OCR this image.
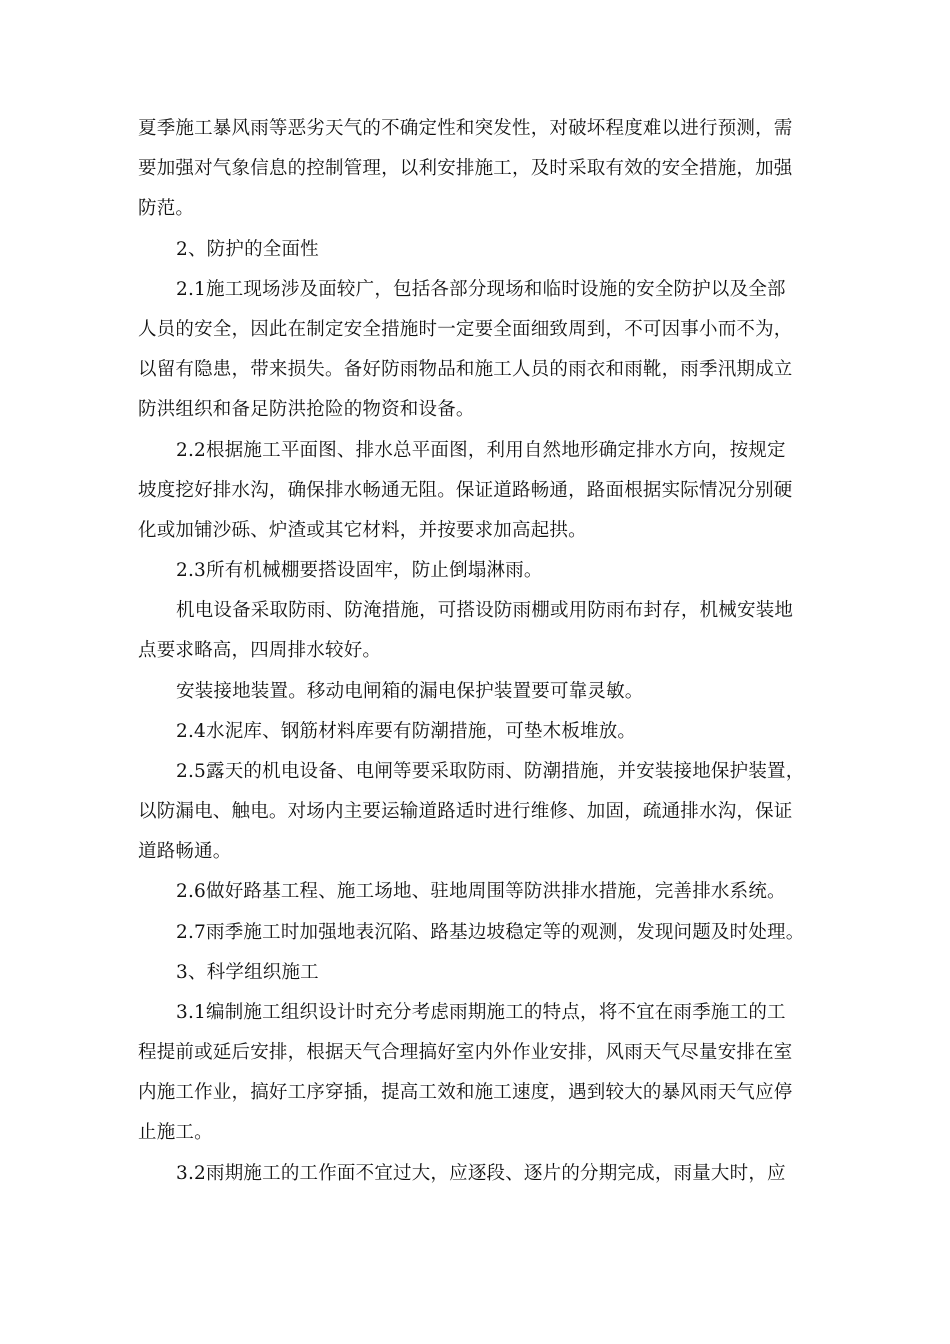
夏季施工暴风雨等恶劣天气的不确定性和突发性，对破坏程度难以进行预测，需
要加强对气象信息的控制管理，以利安排施工，及时采取有效的安全措施，加强
防范。
2、防护的全面性
2.1施工现场涉及面较广，包括各部分现场和临时设施的安全防护以及全部
人员的安全，因此在制定安全措施时一定要全面细致周到，不可因事小而不为，
以留有隐患，带来损失。备好防雨物品和施工人员的雨衣和雨靴，雨季汛期成立
防洪组织和备足防洪抢险的物资和设备。
2.2根据施工平面图、排水总平面图，利用自然地形确定排水方向，按规定
坡度挖好排水沟，确保排水畅通无阻。保证道路畅通，路面根据实际情况分别硬
化或加铺沙砾、炉渣或其它材料，并按要求加高起拱。
2.3所有机械棚要搭设固牢，防止倒塌淋雨。
机电设备采取防雨、防淹措施，可搭设防雨棚或用防雨布封存，机械安装地
点要求略高，四周排水较好。
安装接地装置。移动电闸箱的漏电保护装置要可靠灵敏。
2.4水泥库、钢筋材料库要有防潮措施，可垫木板堆放。
2.5露天的机电设备、电闸等要采取防雨、防潮措施，并安装接地保护装置，
以防漏电、触电。对场内主要运输道路适时进行维修、加固，疏通排水沟，保证
道路畅通。
2.6做好路基工程、施工场地、驻地周围等防洪排水措施，完善排水系统。
2.7雨季施工时加强地表沉陷、路基边坡稳定等的观测，发现问题及时处理。
3、科学组织施工
3.1编制施工组织设计时充分考虑雨期施工的特点，将不宜在雨季施工的工
程提前或延后安排，根据天气合理搞好室内外作业安排，风雨天气尽量安排在室
内施工作业，搞好工序穿插，提高工效和施工速度，遇到较大的暴风雨天气应停
止施工。
3.2雨期施工的工作面不宜过大，应逐段、逐片的分期完成，雨量大时，应
